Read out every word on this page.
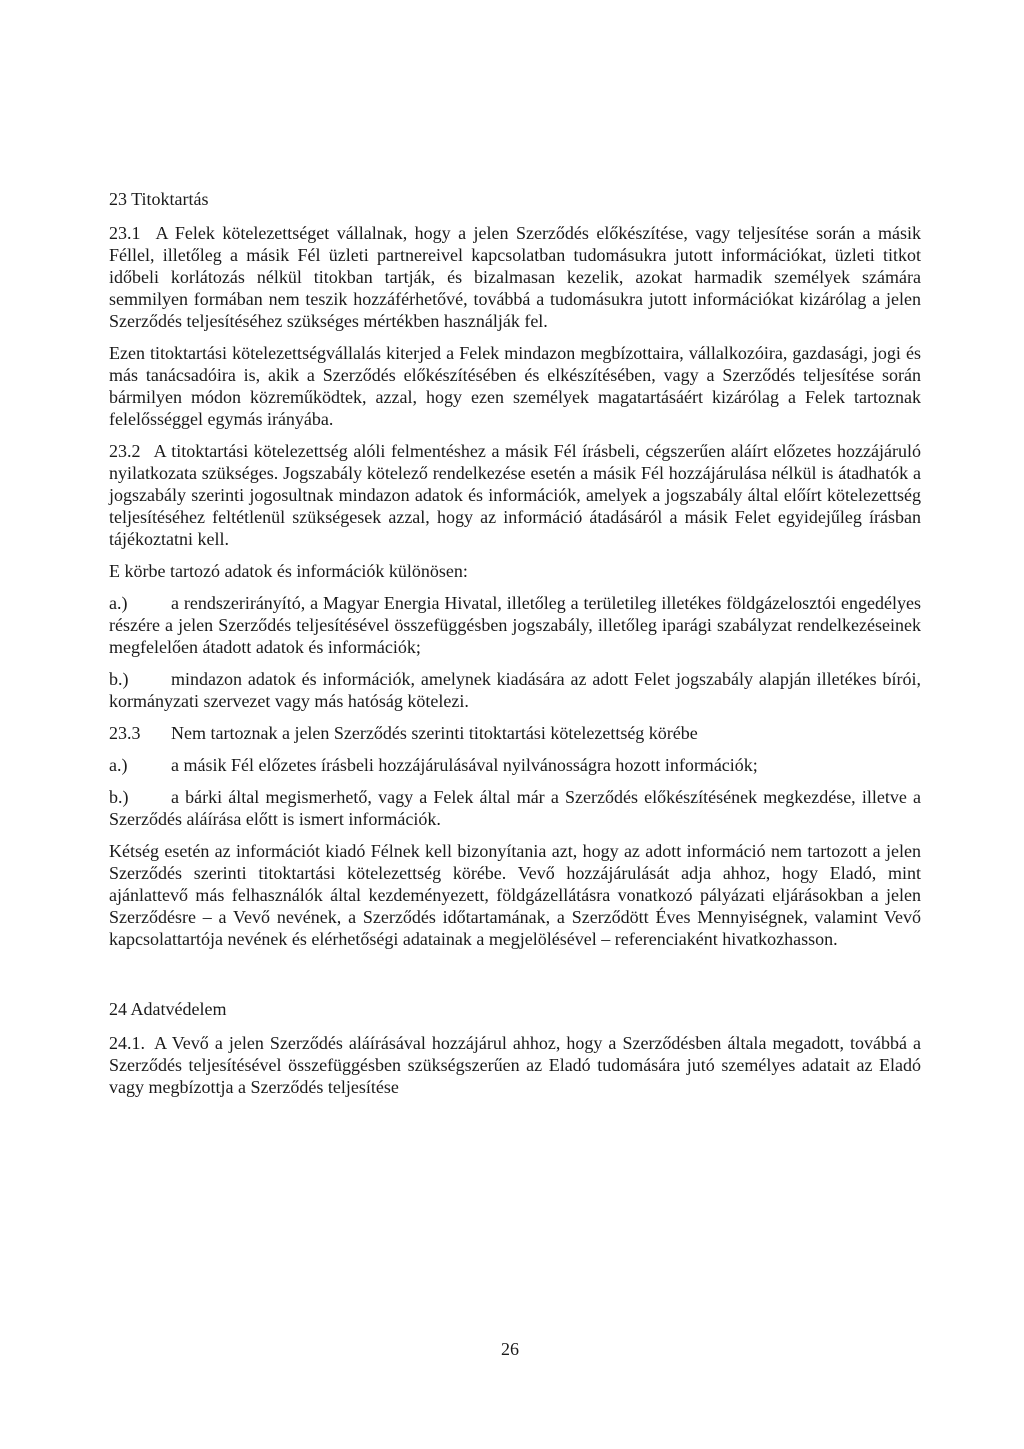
23 Titoktartás

23.1 A Felek kötelezettséget vállalnak, hogy a jelen Szerződés előkészítése, vagy teljesítése során a másik Féllel, illetőleg a másik Fél üzleti partnereivel kapcsolatban tudomásukra jutott információkat, üzleti titkot időbeli korlátozás nélkül titokban tartják, és bizalmasan kezelik, azokat harmadik személyek számára semmilyen formában nem teszik hozzáférhetővé, továbbá a tudomásukra jutott információkat kizárólag a jelen Szerződés teljesítéséhez szükséges mértékben használják fel.

Ezen titoktartási kötelezettségvállalás kiterjed a Felek mindazon megbízottaira, vállalkozóira, gazdasági, jogi és más tanácsadóira is, akik a Szerződés előkészítésében és elkészítésében, vagy a Szerződés teljesítése során bármilyen módon közreműködtek, azzal, hogy ezen személyek magatartásáért kizárólag a Felek tartoznak felelősséggel egymás irányába.

23.2 A titoktartási kötelezettség alóli felmentéshez a másik Fél írásbeli, cégszerűen aláírt előzetes hozzájáruló nyilatkozata szükséges. Jogszabály kötelező rendelkezése esetén a másik Fél hozzájárulása nélkül is átadhatók a jogszabály szerinti jogosultnak mindazon adatok és információk, amelyek a jogszabály által előírt kötelezettség teljesítéséhez feltétlenül szükségesek azzal, hogy az információ átadásáról a másik Felet egyidejűleg írásban tájékoztatni kell.

E körbe tartozó adatok és információk különösen:

a.) a rendszerirányító, a Magyar Energia Hivatal, illetőleg a területileg illetékes földgázelosztói engedélyes részére a jelen Szerződés teljesítésével összefüggésben jogszabály, illetőleg iparági szabályzat rendelkezéseinek megfelelően átadott adatok és információk;
b.) mindazon adatok és információk, amelynek kiadására az adott Felet jogszabály alapján illetékes bírói, kormányzati szervezet vagy más hatóság kötelezi.

23.3 Nem tartoznak a jelen Szerződés szerinti titoktartási kötelezettség körébe

a.) a másik Fél előzetes írásbeli hozzájárulásával nyilvánosságra hozott információk;
b.) a bárki által megismerhető, vagy a Felek által már a Szerződés előkészítésének megkezdése, illetve a Szerződés aláírása előtt is ismert információk.

Kétség esetén az információt kiadó Félnek kell bizonyítania azt, hogy az adott információ nem tartozott a jelen Szerződés szerinti titoktartási kötelezettség körébe. Vevő hozzájárulását adja ahhoz, hogy Eladó, mint ajánlattevő más felhasználók által kezdeményezett, földgázellátásra vonatkozó pályázati eljárásokban a jelen Szerződésre – a Vevő nevének, a Szerződés időtartamának, a Szerződött Éves Mennyiségnek, valamint Vevő kapcsolattartója nevének és elérhetőségi adatainak a megjelölésével – referenciaként hivatkozhasson.

24 Adatvédelem

24.1. A Vevő a jelen Szerződés aláírásával hozzájárul ahhoz, hogy a Szerződésben általa megadott, továbbá a Szerződés teljesítésével összefüggésben szükségszerűen az Eladó tudomására jutó személyes adatait az Eladó vagy megbízottja a Szerződés teljesítése

26
